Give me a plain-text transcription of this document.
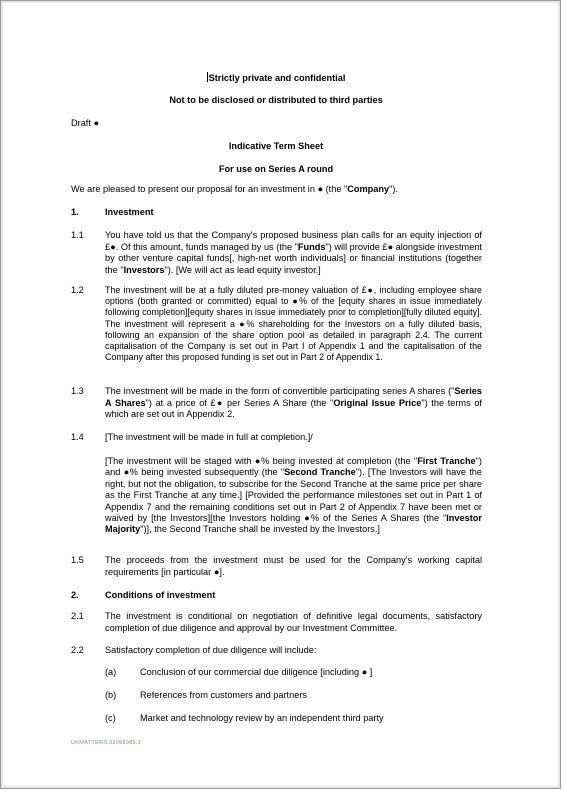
Strictly private and confidential

Not to be disclosed or distributed to third parties

Draft ●

Indicative Term Sheet

For use on Series A round

We are pleased to present our proposal for an investment in ● (the "Company").

1.	Investment
1.1 You have told us that the Company's proposed business plan calls for an equity injection of £●. Of this amount, funds managed by us (the "Funds") will provide £● alongside investment by other venture capital funds[, high-net worth individuals] or financial institutions (together the "Investors"). [We will act as lead equity investor.]

1.2 The investment will be at a fully diluted pre-money valuation of £●, including employee share options (both granted or committed) equal to ●% of the [equity shares in issue immediately following completion][equity shares in issue immediately prior to completion][fully diluted equity]. The investment will represent a ●% shareholding for the Investors on a fully diluted basis, following an expansion of the share option pool as detailed in paragraph 2.4. The current capitalisation of the Company is set out in Part I of Appendix 1 and the capitalisation of the Company after this proposed funding is set out in Part 2 of Appendix 1.

1.3 The investment will be made in the form of convertible participating series A shares ("Series A Shares") at a price of £● per Series A Share (the "Original Issue Price") the terms of which are set out in Appendix 2.

1.4 [The investment will be made in full at completion.]/

[The investment will be staged with ●% being invested at completion (the "First Tranche") and ●% being invested subsequently (the "Second Tranche"). [The Investors will have the right, but not the obligation, to subscribe for the Second Tranche at the same price per share as the First Tranche at any time.] [Provided the performance milestones set out in Part 1 of Appendix 7 and the remaining conditions set out in Part 2 of Appendix 7 have been met or waived by [the Investors][the Investors holding ●% of the Series A Shares (the "Investor Majority")], the Second Tranche shall be invested by the Investors.]

1.5 The proceeds from the investment must be used for the Company's working capital requirements [in particular ●].

2.	Conditions of investment
2.1 The investment is conditional on negotiation of definitive legal documents, satisfactory completion of due diligence and approval by our Investment Committee.

2.2 Satisfactory completion of due diligence will include:

(a)	Conclusion of our commercial due diligence [including ● ]
(b)	References from customers and partners
(c)	Market and technology review by an independent third party
UKMATTERS:33958985.1
